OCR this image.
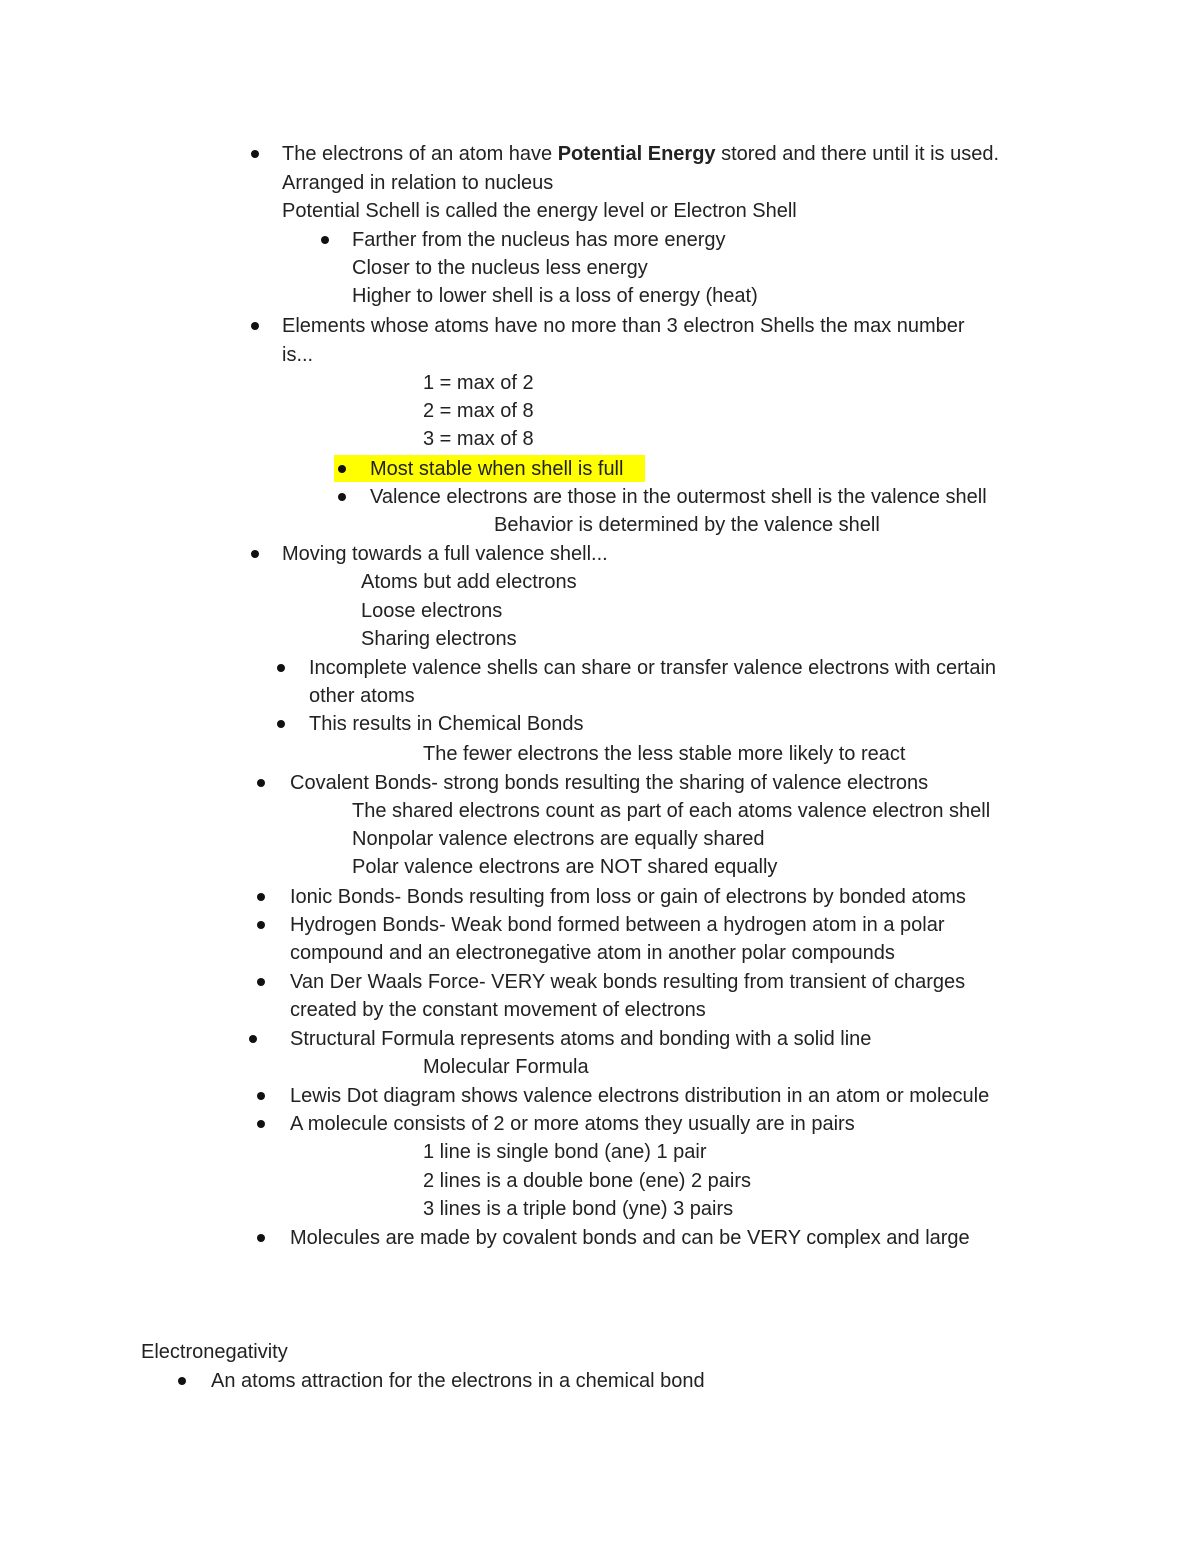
The electrons of an atom have Potential Energy stored and there until it is used.
Arranged in relation to nucleus
Potential Schell is called the energy level or Electron Shell
Farther from the nucleus has more energy
Closer to the nucleus less energy
Higher to lower shell is a loss of energy (heat)
Elements whose atoms have no more than 3 electron Shells the max number
is...
1 = max of 2
2 = max of 8
3 = max of 8
Most stable when shell is full
Valence electrons are those in the outermost shell is the valence shell
Behavior is determined by the valence shell
Moving towards a full valence shell...
Atoms but add electrons
Loose electrons
Sharing electrons
Incomplete valence shells can share or transfer valence electrons with certain
other atoms
This results in Chemical Bonds
The fewer electrons the less stable more likely to react
Covalent Bonds- strong bonds resulting the sharing of valence electrons
The shared electrons count as part of each atoms valence electron shell
Nonpolar valence electrons are equally shared
Polar valence electrons are NOT shared equally
Ionic Bonds- Bonds resulting from loss or gain of electrons by bonded atoms
Hydrogen Bonds- Weak bond formed between a hydrogen atom in a polar
compound and an electronegative atom in another polar compounds
Van Der Waals Force- VERY weak bonds resulting from transient of charges
created by the constant movement of electrons
Structural Formula represents atoms and bonding with a solid line
Molecular Formula
Lewis Dot diagram shows valence electrons distribution in an atom or molecule
A molecule consists of 2 or more atoms they usually are in pairs
1 line is single bond (ane) 1 pair
2 lines is a double bone (ene) 2 pairs
3 lines is a triple bond (yne) 3 pairs
Molecules are made by covalent bonds and can be VERY complex and large
Electronegativity
An atoms attraction for the electrons in a chemical bond
